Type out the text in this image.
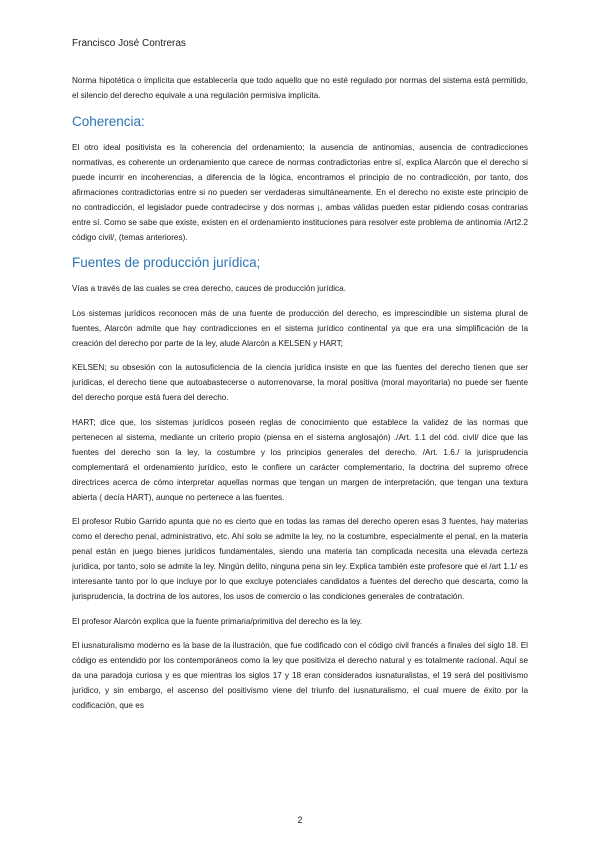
Francisco José Contreras

Norma hipotética o implícita que establecería que todo aquello que no esté regulado por normas del sistema está permitido, el silencio del derecho equivale a una regulación permisiva implícita.

Coherencia:

El otro ideal positivista es la coherencia del ordenamiento; la ausencia de antinomias, ausencia de contradicciones normativas, es coherente un ordenamiento que carece de normas contradictorias entre sí, explica Alarcón que el derecho si puede incurrir en incoherencias, a diferencia de la lógica, encontramos el principio de no contradicción, por tanto, dos afirmaciones contradictorias entre si no pueden ser verdaderas simultáneamente. En el derecho no existe este principio de no contradicción, el legislador puede contradecirse y dos normas ¡, ambas válidas pueden estar pidiendo cosas contrarias entre sí. Como se sabe que existe, existen en el ordenamiento instituciones para resolver este problema de antinomia /Art2.2 código civil/, (temas anteriores).

Fuentes de producción jurídica;

Vías a través de las cuales se crea derecho, cauces de producción jurídica.

Los sistemas jurídicos reconocen más de una fuente de producción del derecho, es imprescindible un sistema plural de fuentes, Alarcón admite que hay contradicciones en el sistema jurídico continental ya que era una simplificación de la creación del derecho por parte de la ley, alude Alarcón a KELSEN y HART;

KELSEN; su obsesión con la autosuficiencia de la ciencia jurídica insiste en que las fuentes del derecho tienen que ser jurídicas, el derecho tiene que autoabastecerse o autorrenovarse, la moral positiva (moral mayoritaria) no puede ser fuente del derecho porque está fuera del derecho.

HART; dice que, los sistemas jurídicos poseen reglas de conocimiento que establece la validez de las normas que pertenecen al sistema, mediante un criterio propio (piensa en el sistema anglosajón) ./Art. 1.1 del cód. civil/ dice que las fuentes del derecho son la ley, la costumbre y los principios generales del derecho. /Art. 1.6./ la jurisprudencia complementará el ordenamiento jurídico, esto le confiere un carácter complementario, la doctrina del supremo ofrece directrices acerca de cómo interpretar aquellas normas que tengan un margen de interpretación, que tengan una textura abierta ( decía HART), aunque no pertenece a las fuentes.

El profesor Rubio Garrido apunta que no es cierto que en todas las ramas del derecho operen esas 3 fuentes, hay materias como el derecho penal, administrativo, etc. Ahí solo se admite la ley, no la costumbre, especialmente el penal, en la materia penal están en juego bienes jurídicos fundamentales, siendo una materia tan complicada necesita una elevada certeza jurídica, por tanto, solo se admite la ley. Ningún delito, ninguna pena sin ley. Explica también este profesore que el /art 1.1/ es interesante tanto por lo que incluye por lo que excluye potenciales candidatos a fuentes del derecho que descarta, como la jurisprudencia, la doctrina de los autores, los usos de comercio o las condiciones generales de contratación.

El profesor Alarcón explica que la fuente primaria/primitiva del derecho es la ley.

El iusnaturalismo moderno es la base de la ilustración, que fue codificado con el código civil francés a finales del siglo 18. El código es entendido por los contemporáneos como la ley que positiviza el derecho natural y es totalmente racional. Aquí se da una paradoja curiosa y es que mientras los siglos 17 y 18 eran considerados iusnaturalistas, el 19 será del positivismo jurídico, y sin embargo, el ascenso del positivismo viene del triunfo del iusnaturalismo, el cual muere de éxito por la codificación, que es

2
